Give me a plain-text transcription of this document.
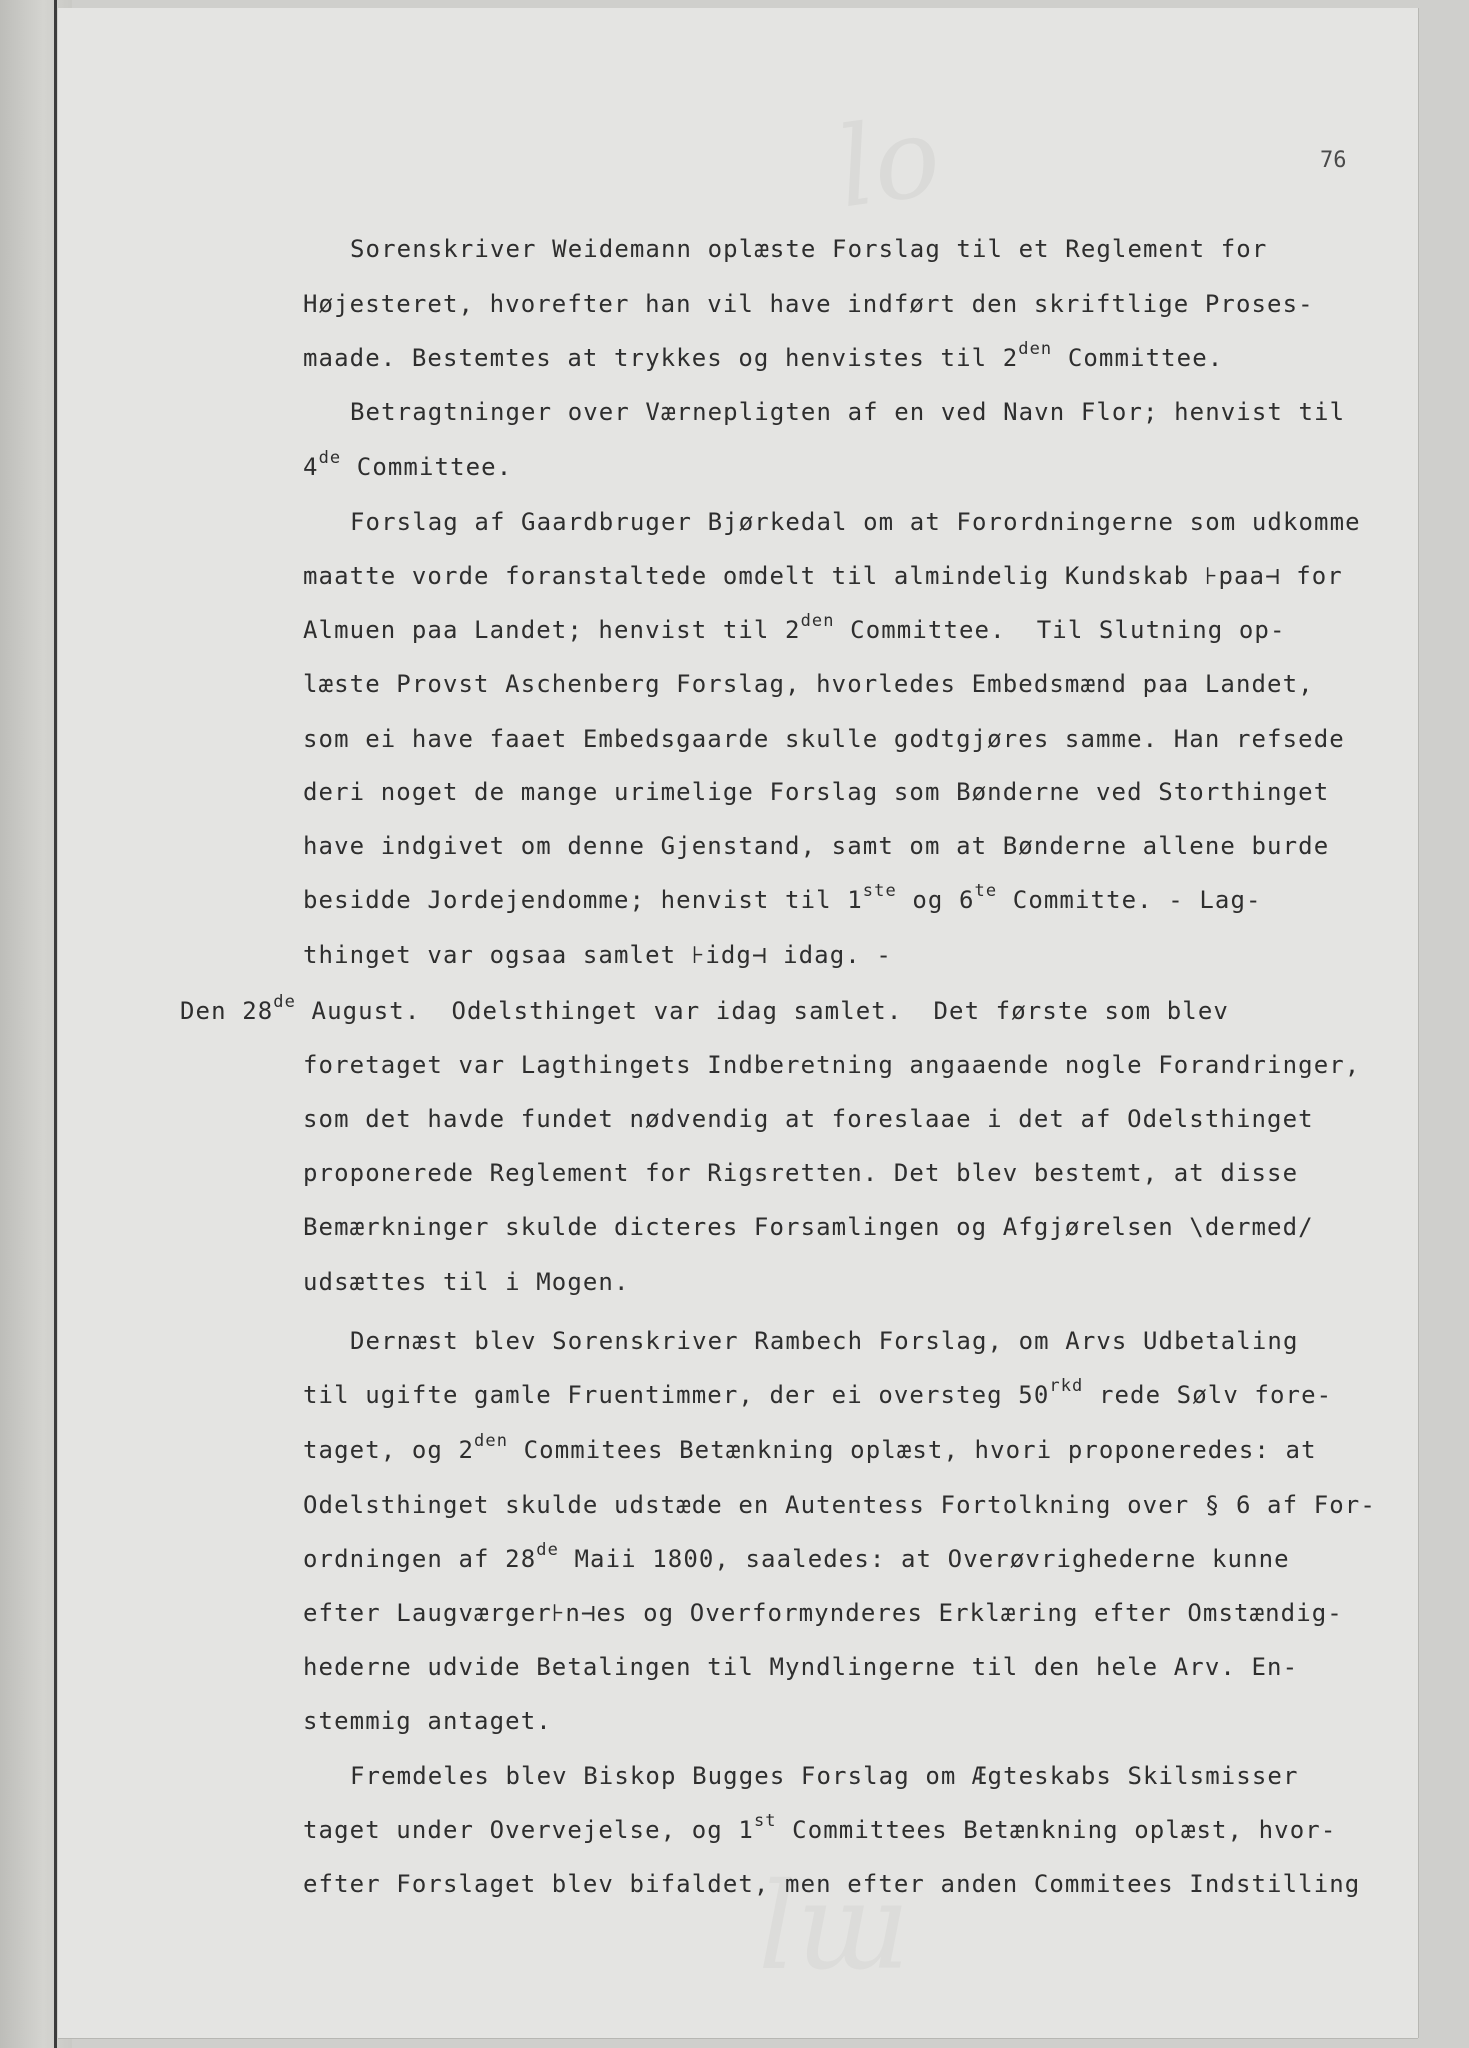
lo
lɯ
76
Sorenskriver Weidemann oplæste Forslag til et Reglement for
Højesteret, hvorefter han vil have indført den skriftlige Proses-
maade. Bestemtes at trykkes og henvistes til $2^{den}$ Committee.
Betragtninger over Værnepligten af en ved Navn Flor; henvist til
4de Committee.
Forslag af Gaardbruger Bjørkedal om at Forordningerne som udkomme
maatte vorde foranstaltede omdelt til almindelig Kundskab ⊦paa⊣ for
Almuen paa Landet; henvist til $2^{den}$ Committee.  Til Slutning op-
læste Provst Aschenberg Forslag, hvorledes Embedsmænd paa Landet,
som ei have faaet Embedsgaarde skulle godtgjøres samme. Han refsede
deri noget de mange urimelige Forslag som Bønderne ved Storthinget
have indgivet om denne Gjenstand, samt om at Bønderne allene burde
besidde Jordejendomme; henvist til 1ste og $6^{te}$ Committe. - Lag-
thinget var ogsaa samlet ⊦idg⊣ idag. -
Den 28de August.  Odelsthinget var idag samlet.  Det første som blev
foretaget var Lagthingets Indberetning angaaende nogle Forandringer,
som det havde fundet nødvendig at foreslaae i det af Odelsthinget
proponerede Reglement for Rigsretten. Det blev bestemt, at disse
Bemærkninger skulde dicteres Forsamlingen og Afgjørelsen \dermed/
udsættes til i Mogen.
Dernæst blev Sorenskriver Rambech Forslag, om Arvs Udbetaling
til ugifte gamle Fruentimmer, der ei oversteg $50^{rkd}$ rede Sølv fore-
taget, og $2^{den}$ Commitees Betænkning oplæst, hvori proponeredes: at
Odelsthinget skulde udstæde en Autentess Fortolkning over § 6 af For-
ordningen af 28de Maii 1800, saaledes: at Overøvrighederne kunne
efter Laugværger⊦n⊣es og Overformynderes Erklæring efter Omstændig-
hederne udvide Betalingen til Myndlingerne til den hele Arv. En-
stemmig antaget.
Fremdeles blev Biskop Bugges Forslag om Ægteskabs Skilsmisser
taget under Overvejelse, og 1st Committees Betænkning oplæst, hvor-
efter Forslaget blev bifaldet, men efter anden Commitees Indstilling
